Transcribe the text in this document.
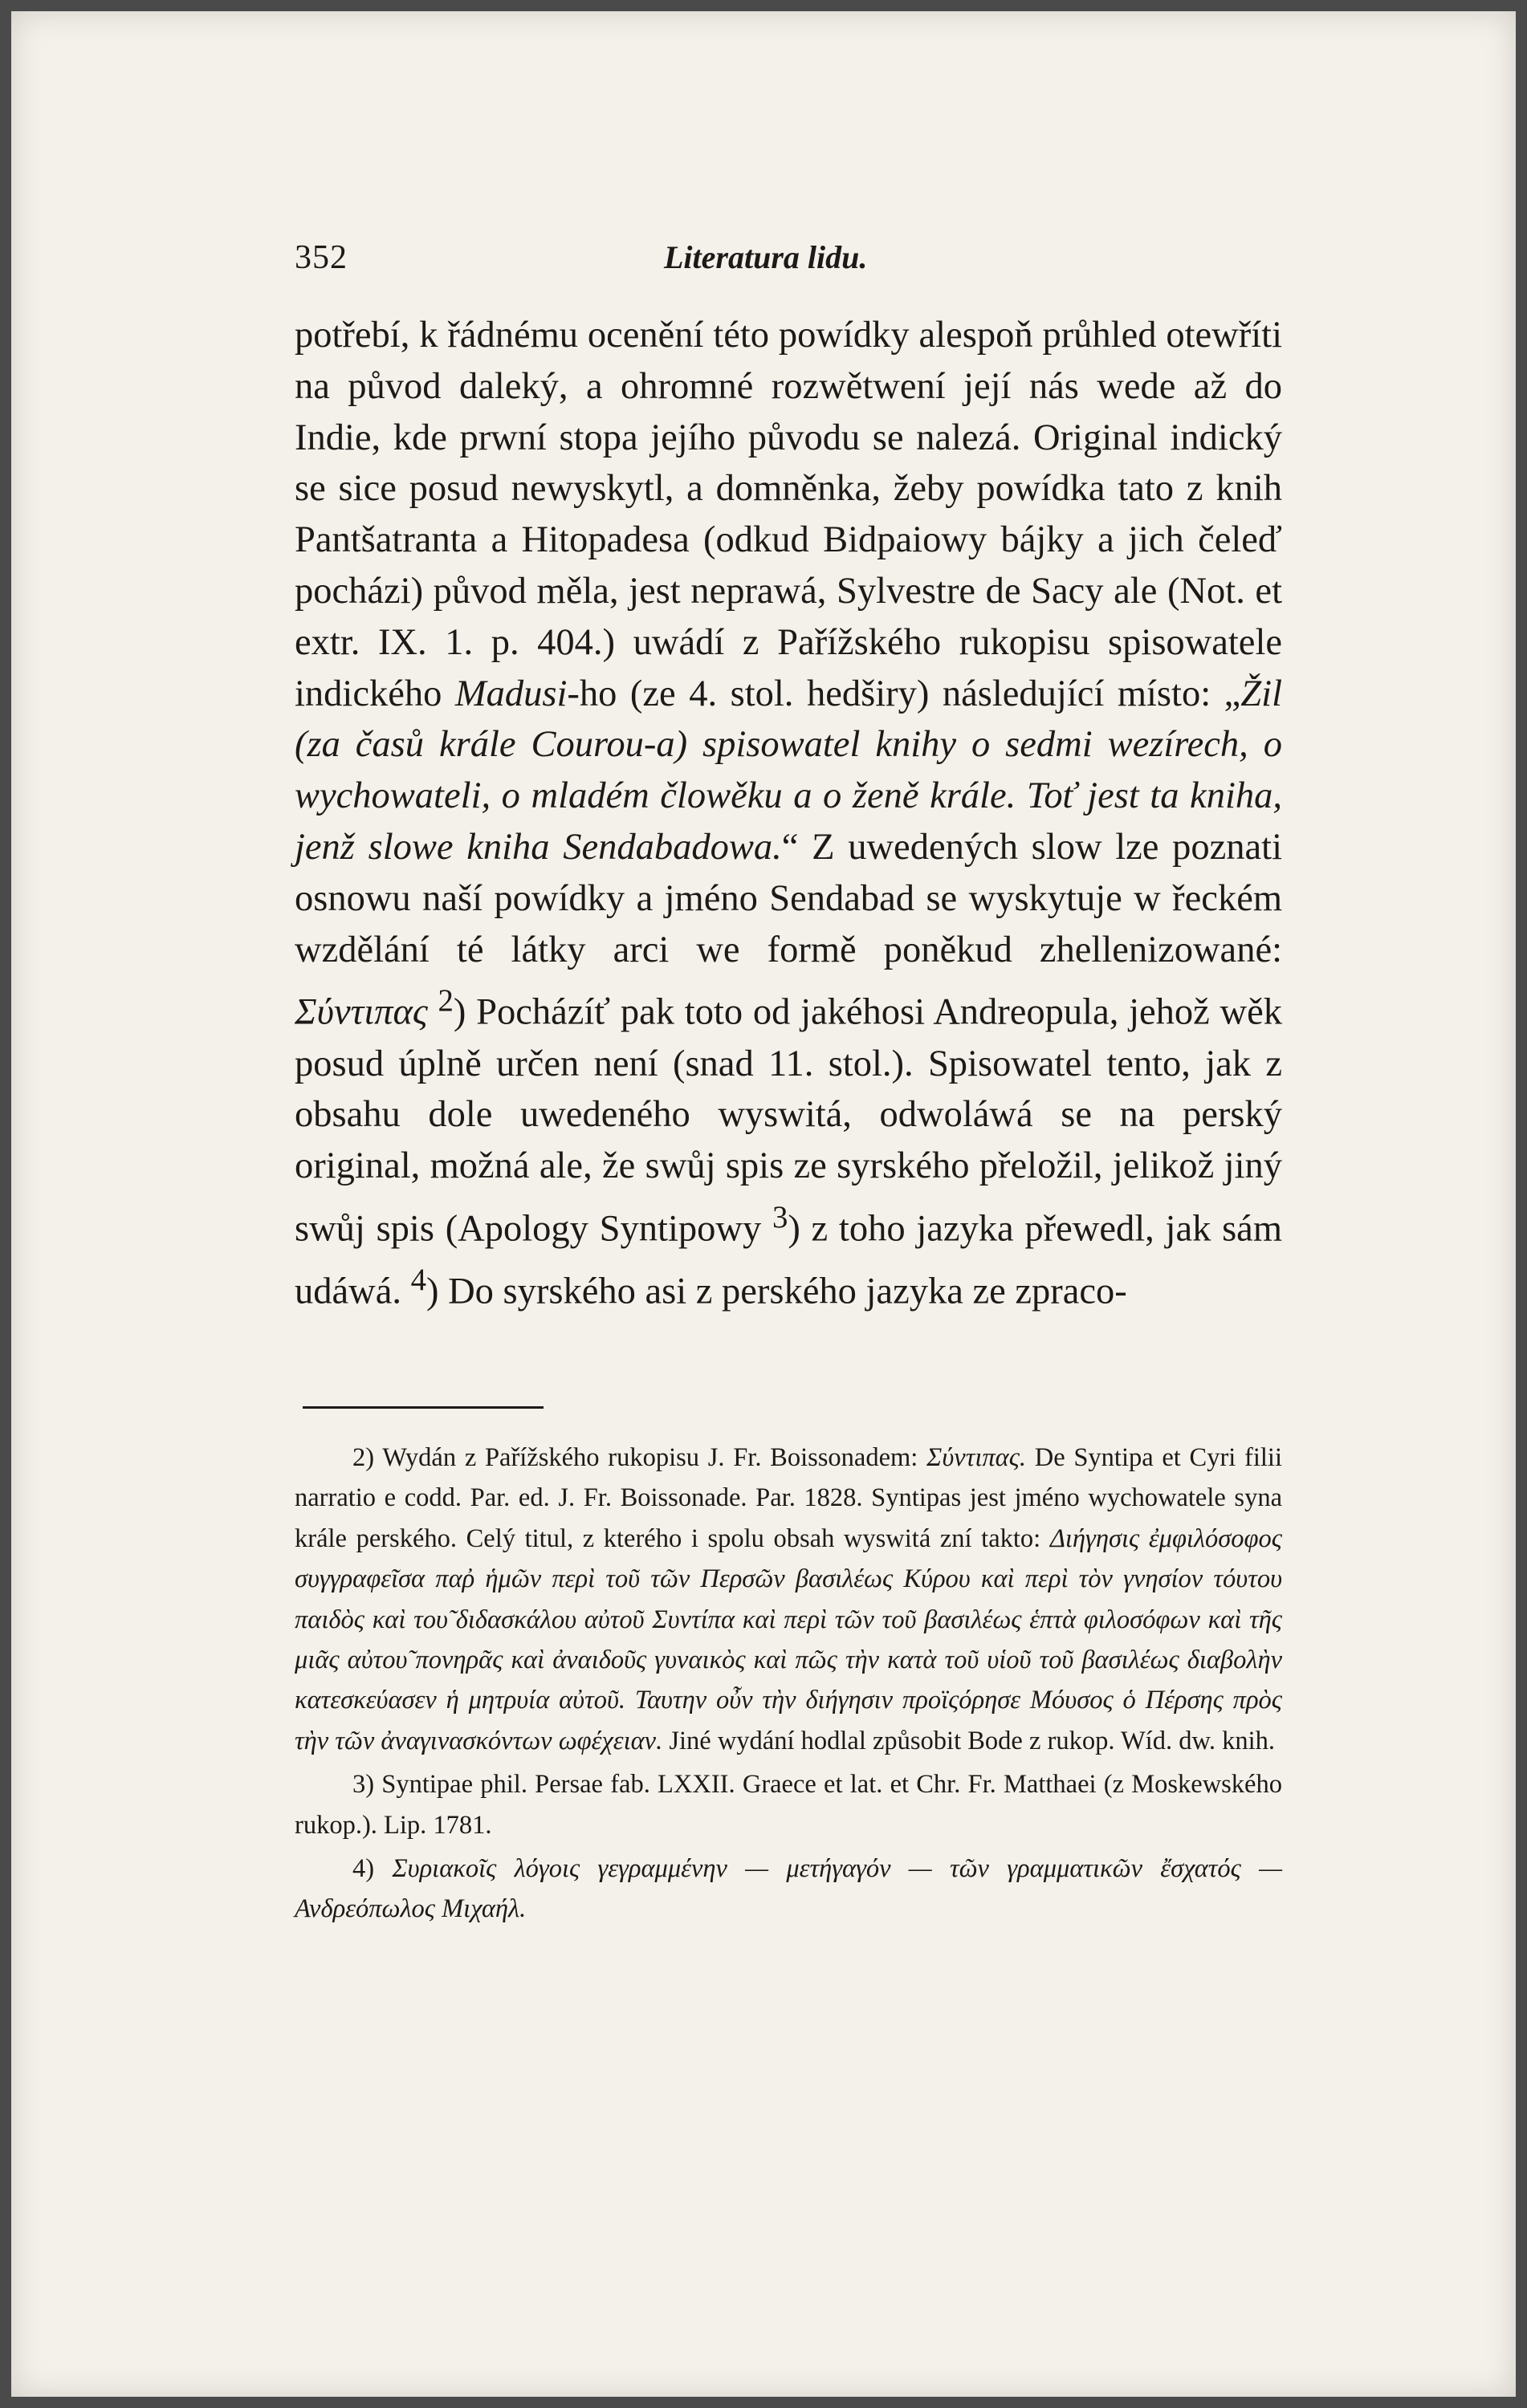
352	Literatura lidu.

potřebí, k řádnému ocenění této powídky alespoň průhled otewříti na původ daleký, a ohromné rozwětwení její nás wede až do Indie, kde prwní stopa jejího původu se nalezá. Original indický se sice posud newyskytl, a domněnka, žeby powídka tato z knih Pantšatranta a Hitopadesa (odkud Bidpaiowy bájky a jich čeleď pocházi) původ měla, jest neprawá, Sylvestre de Sacy ale (Not. et extr. IX. 1. p. 404.) uwádí z Pařížského rukopisu spisowatele indického Madusi-ho (ze 4. stol. hedširy) následující místo: „Žil (za časů krále Courou-a) spisowatel knihy o sedmi wezírech, o wychowateli, o mladém člowěku a o ženě krále. Toť jest ta kniha, jenž slowe kniha Sendabadowa.“ Z uwedených slow lze poznati osnowu naší powídky a jméno Sendabad se wyskytuje w řeckém wzdělání té látky arci we formě poněkud zhellenizowané: Σύντιπας $^2$) Pocházíť pak toto od jakéhosi Andreopula, jehož wěk posud úplně určen není (snad 11. stol.). Spisowatel tento, jak z obsahu dole uwedeného wyswitá, odwoláwá se na perský original, možná ale, že swůj spis ze syrského přeložil, jelikož jiný swůj spis (Apology Syntipowy $^3$) z toho jazyka přewedl, jak sám udáwá. $^4$) Do syrského asi z perského jazyka ze zpraco-

2) Wydán z Pařížského rukopisu J. Fr. Boissonadem: Σύντιπας. De Syntipa et Cyri filii narratio e codd. Par. ed. J. Fr. Boissonade. Par. 1828. Syntipas jest jméno wychowatele syna krále perského. Celý titul, z kterého i spolu obsah wyswitá zní takto: Διήγησις ἐμφιλόσοφος συγγραφεῖσα παῤ ἡμῶν περὶ τοῦ τῶν Περσῶν βασιλέως Κύρου καὶ περὶ τὸν γνησίον τόυτου παιδὸς καὶ του̃ διδασκάλου αὐτοῦ Συντίπα καὶ περὶ τῶν τοῦ βασιλέως ἑπτὰ φιλοσόφων καὶ τῆς μιᾶς αὐτου̃ πονηρᾶς καὶ ἀναιδοῦς γυναικὸς καὶ πῶς τὴν κατὰ τοῦ υἱοῦ τοῦ βασιλέως διαβολὴν κατεσκεύασεν ἡ μητρυία αὐτοῦ. Ταυτην οὖν τὴν διήγησιν προϊςόρησε Μόυσος ὁ Πέρσης πρὸς τὴν τῶν ἀναγινασκόντων ωφέχειαν. Jiné wydání hodlal způsobit Bode z rukop. Wíd. dw. knih.

3) Syntipae phil. Persae fab. LXXII. Graece et lat. et Chr. Fr. Matthaei (z Moskewského rukop.). Lip. 1781.

4) Συριακοῖς λόγοις γεγραμμένην — μετήγαγόν — τῶν γραμματικῶν ἔσχατός — Ανδρεόπωλος Μιχαήλ.
